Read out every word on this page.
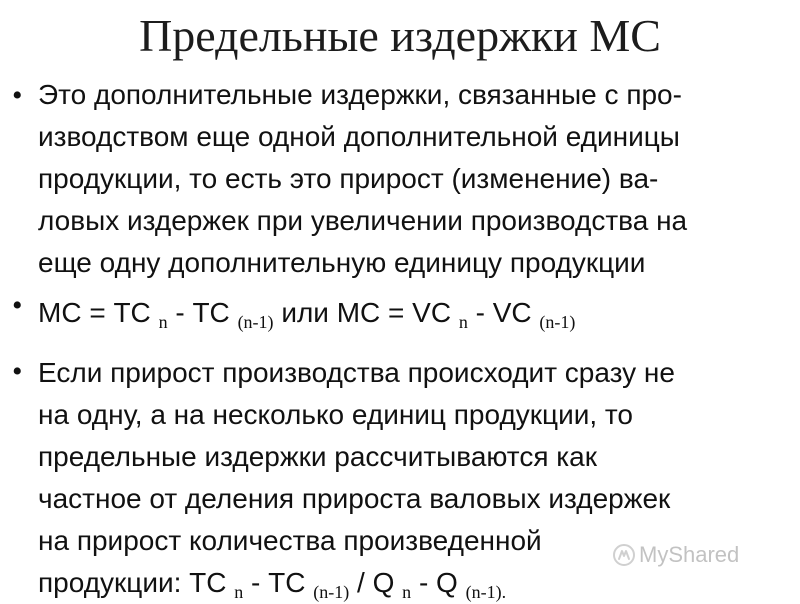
Предельные издержки МС
• Это дополнительные издержки, связанные с про-
изводством еще одной дополнительной единицы
продукции, то есть это прирост (изменение) ва-
ловых издержек при увеличении производства на
еще одну дополнительную единицу продукции
• МС = ТС $_n$ - ТС $_{(n-1)}$ или МС = VC $_n$ - VC $_{(n-1)}$
• Если прирост производства происходит сразу не
на одну, а на несколько единиц продукции, то
предельные издержки рассчитываются как
частное от деления прироста валовых издержек
на прирост количества произведенной
продукции: ТС $_n$ - ТС $_{(n-1)}$ / Q $_n$ - Q $_{(n-1).}$
MyShared
